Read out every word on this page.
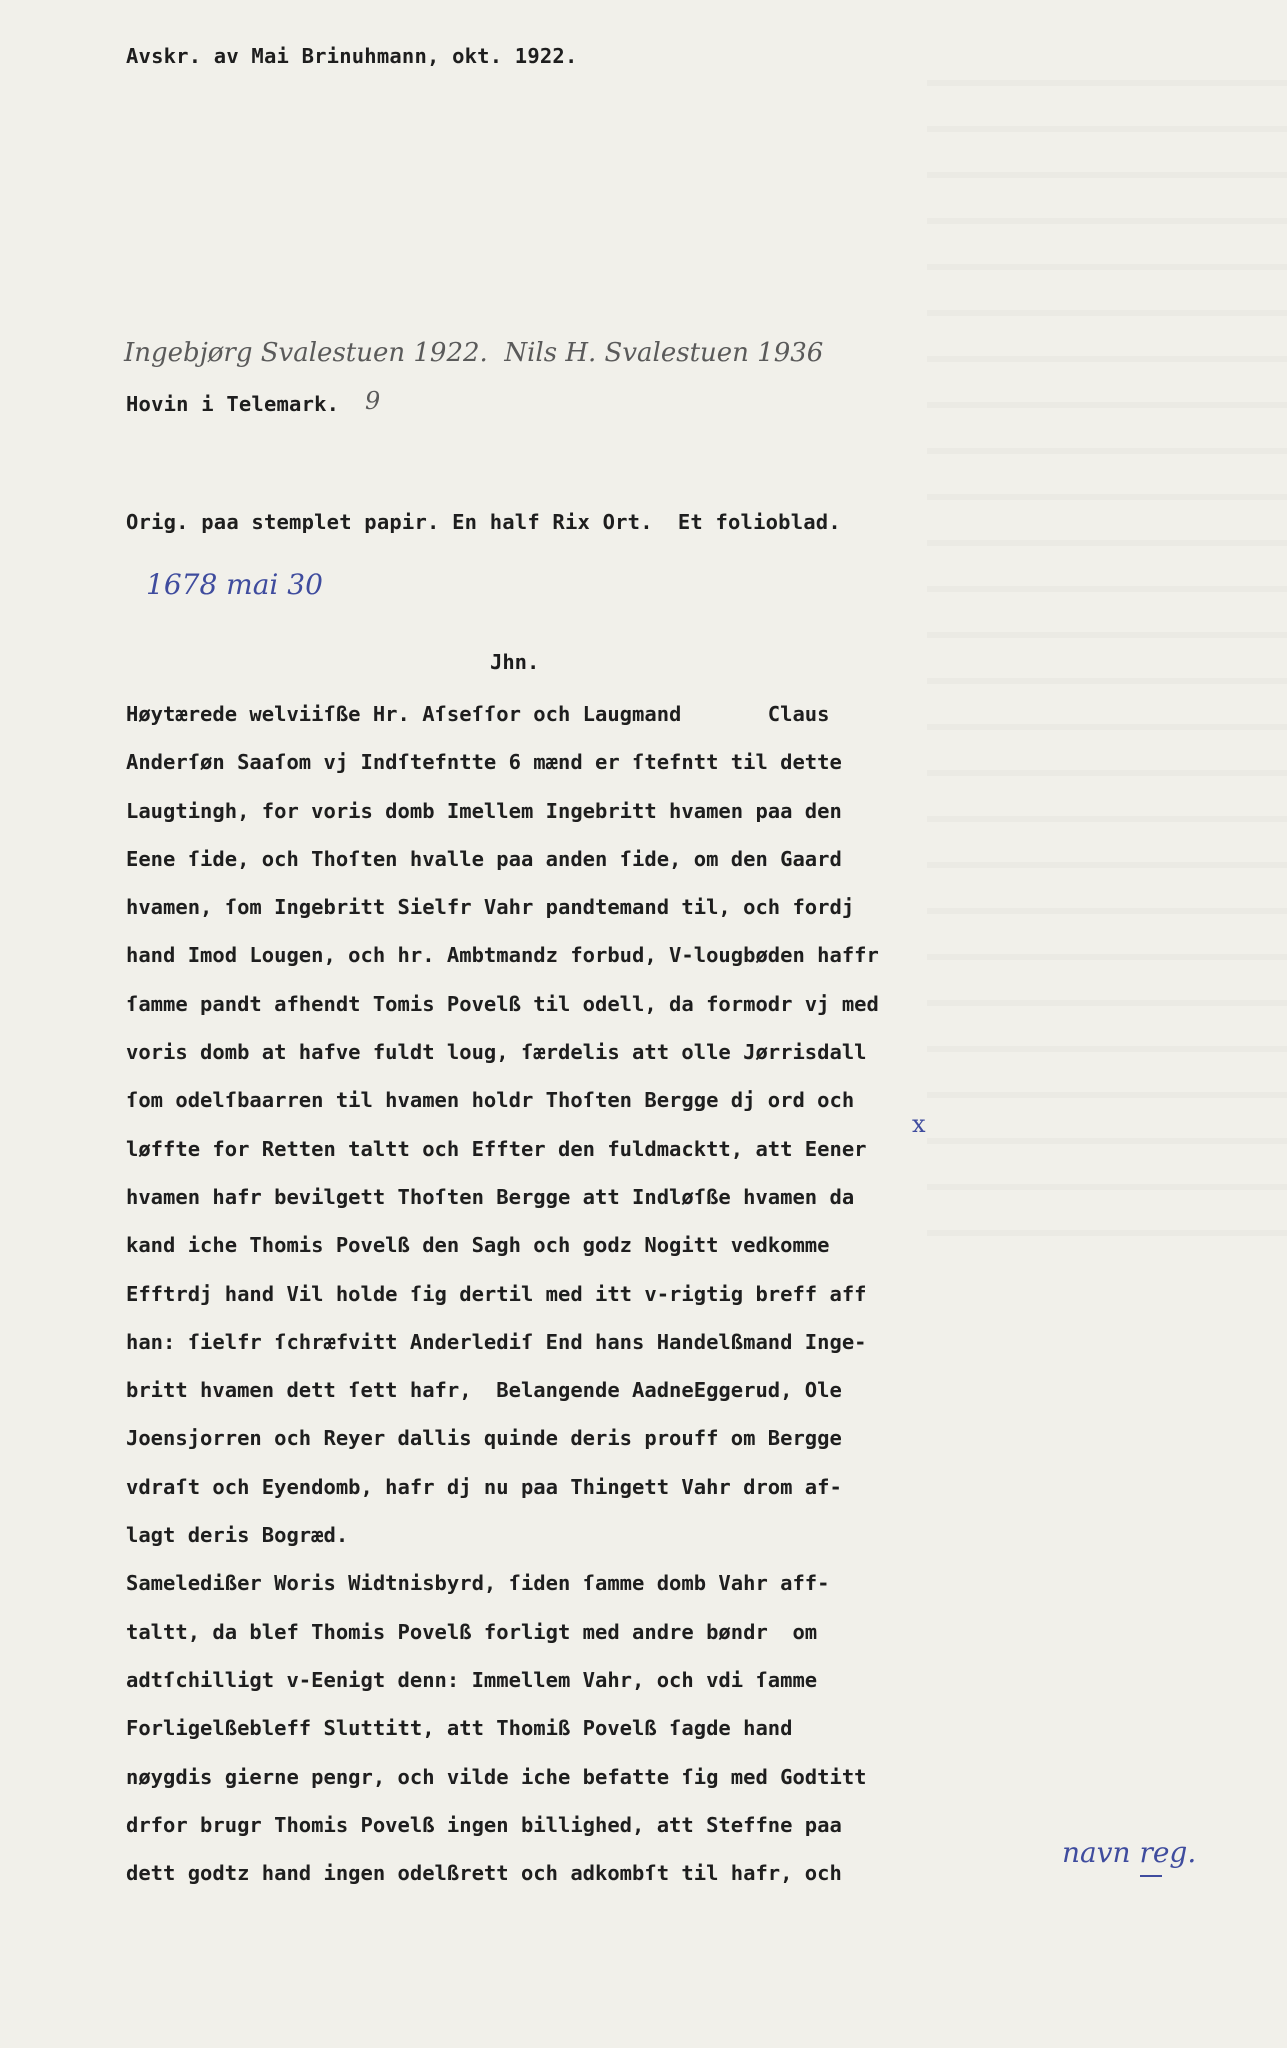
Avskr. av Mai Brinuhmann, okt. 1922.
Ingebjørg Svalestuen 1922.  Nils H. Svalestuen 1936
Hovin i Telemark. 9
Orig. paa stemplet papir. En half Rix Ort.  Et folioblad.
1678 mai 30
Jhn.
Høytærede welviiſße Hr. Aſseſſor och Laugmand       Claus
Anderſøn Saaſom vj Indſtefntte 6 mænd er ſtefntt til dette
Laugtingh, for voris domb Imellem Ingebritt hvamen paa den
Eene ſide, och Thoſten hvalle paa anden ſide, om den Gaard
hvamen, ſom Ingebritt Sielfr Vahr pandtemand til, och fordj
hand Imod Lougen, och hr. Ambtmandz forbud, V-lougbøden haffr
ſamme pandt afhendt Tomis Povelß til odell, da formodr vj med
voris domb at hafve fuldt loug, ſærdelis att olle Jørrisdall
ſom odelſbaarren til hvamen holdr Thoſten Bergge dj ord och
løffte for Retten taltt och Effter den fuldmacktt, att Eener
hvamen hafr bevilgett Thoſten Bergge att Indløſße hvamen da
kand iche Thomis Povelß den Sagh och godz Nogitt vedkomme
Efftrdj hand Vil holde ſig dertil med itt v-rigtig breff aff
han: ſielfr ſchræfvitt Anderlediſ End hans Handelßmand Inge-
britt hvamen dett ſett hafr,  Belangende AadneEggerud, Ole
Joensjorren och Reyer dallis quinde deris prouff om Bergge
vdraſt och Eyendomb, hafr dj nu paa Thingett Vahr drom af-
lagt deris Bogræd.
Sameledißer Woris Widtnisbyrd, ſiden ſamme domb Vahr aff-
taltt, da blef Thomis Povelß forligt med andre bøndr  om
adtſchilligt v-Eenigt denn: Immellem Vahr, och vdi ſamme
Forligelßebleff Sluttitt, att Thomiß Povelß ſagde hand
nøygdis gierne pengr, och vilde iche befatte ſig med Godtitt
drfor brugr Thomis Povelß ingen billighed, att Steffne paa
dett godtz hand ingen odelßrett och adkombſt til hafr, och
x
navn reg.
